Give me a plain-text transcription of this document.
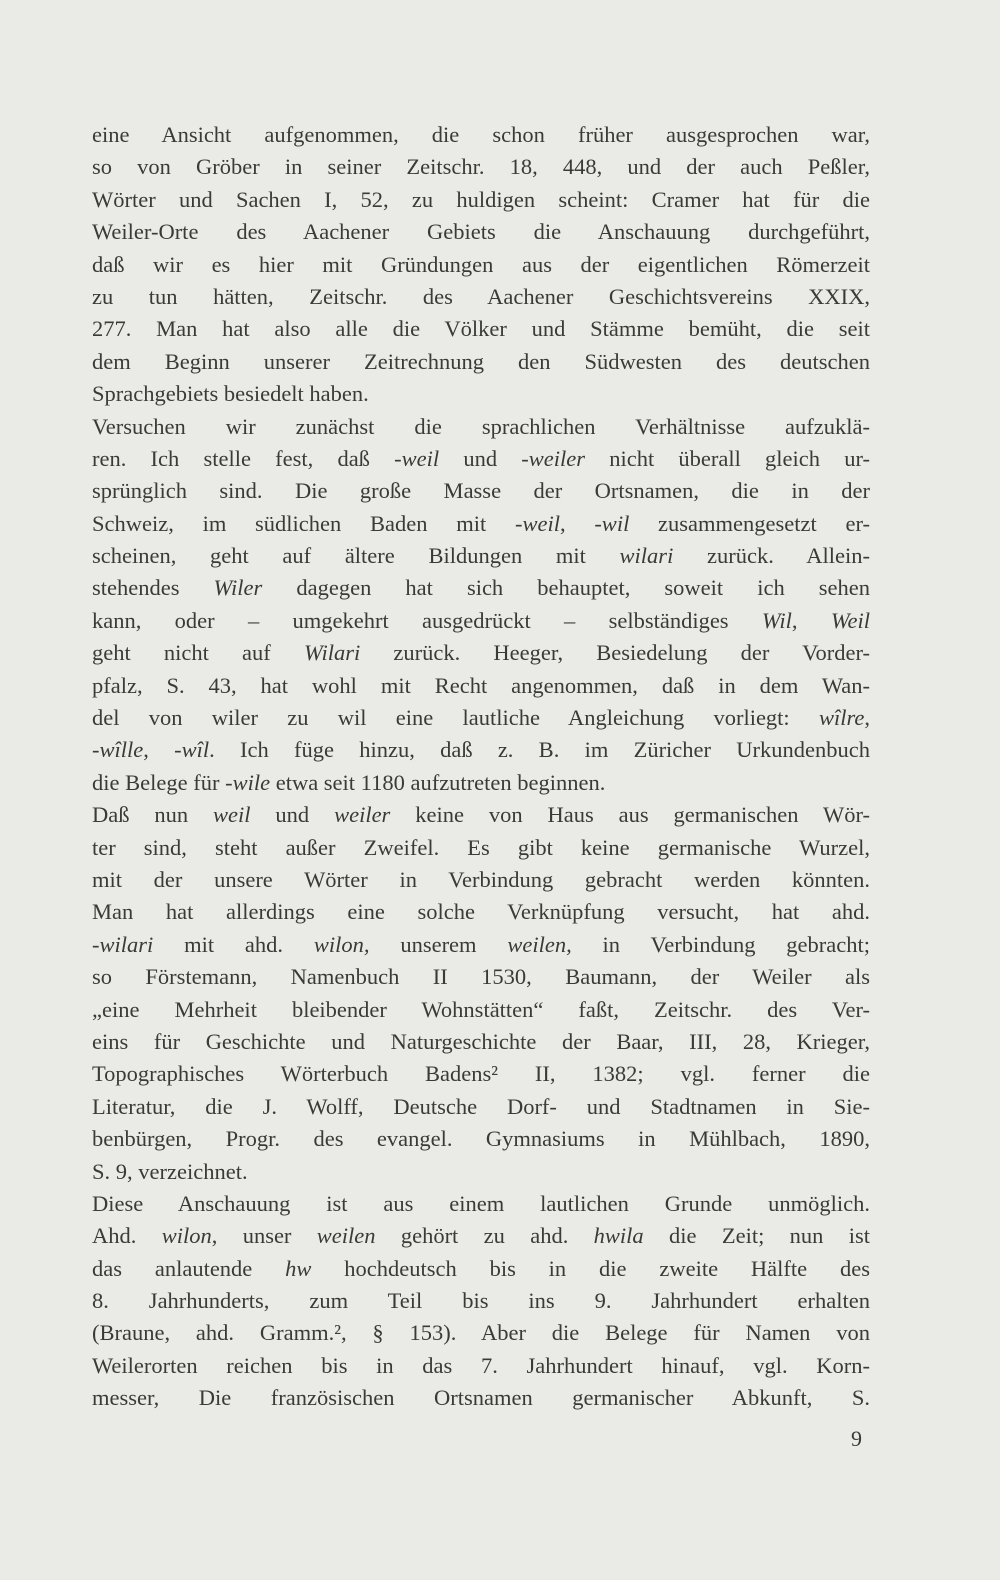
eine Ansicht aufgenommen, die schon früher ausgesprochen war,
so von Gröber in seiner Zeitschr. 18, 448, und der auch Peßler,
Wörter und Sachen I, 52, zu huldigen scheint: Cramer hat für die
Weiler-Orte des Aachener Gebiets die Anschauung durchgeführt,
daß wir es hier mit Gründungen aus der eigentlichen Römerzeit
zu tun hätten, Zeitschr. des Aachener Geschichtsvereins XXIX,
277. Man hat also alle die Völker und Stämme bemüht, die seit
dem Beginn unserer Zeitrechnung den Südwesten des deutschen
Sprachgebiets besiedelt haben.
Versuchen wir zunächst die sprachlichen Verhältnisse aufzuklä-
ren. Ich stelle fest, daß -weil und -weiler nicht überall gleich ur-
sprünglich sind. Die große Masse der Ortsnamen, die in der
Schweiz, im südlichen Baden mit -weil, -wil zusammengesetzt er-
scheinen, geht auf ältere Bildungen mit wilari zurück. Allein-
stehendes Wiler dagegen hat sich behauptet, soweit ich sehen
kann, oder – umgekehrt ausgedrückt – selbständiges Wil, Weil
geht nicht auf Wilari zurück. Heeger, Besiedelung der Vorder-
pfalz, S. 43, hat wohl mit Recht angenommen, daß in dem Wan-
del von wiler zu wil eine lautliche Angleichung vorliegt: wîlre,
-wîlle, -wîl. Ich füge hinzu, daß z. B. im Züricher Urkundenbuch
die Belege für -wile etwa seit 1180 aufzutreten beginnen.
Daß nun weil und weiler keine von Haus aus germanischen Wör-
ter sind, steht außer Zweifel. Es gibt keine germanische Wurzel,
mit der unsere Wörter in Verbindung gebracht werden könnten.
Man hat allerdings eine solche Verknüpfung versucht, hat ahd.
-wilari mit ahd. wilon, unserem weilen, in Verbindung gebracht;
so Förstemann, Namenbuch II 1530, Baumann, der Weiler als
„eine Mehrheit bleibender Wohnstätten“ faßt, Zeitschr. des Ver-
eins für Geschichte und Naturgeschichte der Baar, III, 28, Krieger,
Topographisches Wörterbuch Badens² II, 1382; vgl. ferner die
Literatur, die J. Wolff, Deutsche Dorf- und Stadtnamen in Sie-
benbürgen, Progr. des evangel. Gymnasiums in Mühlbach, 1890,
S. 9, verzeichnet.
Diese Anschauung ist aus einem lautlichen Grunde unmöglich.
Ahd. wilon, unser weilen gehört zu ahd. hwila die Zeit; nun ist
das anlautende hw hochdeutsch bis in die zweite Hälfte des
8. Jahrhunderts, zum Teil bis ins 9. Jahrhundert erhalten
(Braune, ahd. Gramm.², § 153). Aber die Belege für Namen von
Weilerorten reichen bis in das 7. Jahrhundert hinauf, vgl. Korn-
messer, Die französischen Ortsnamen germanischer Abkunft, S.
9
